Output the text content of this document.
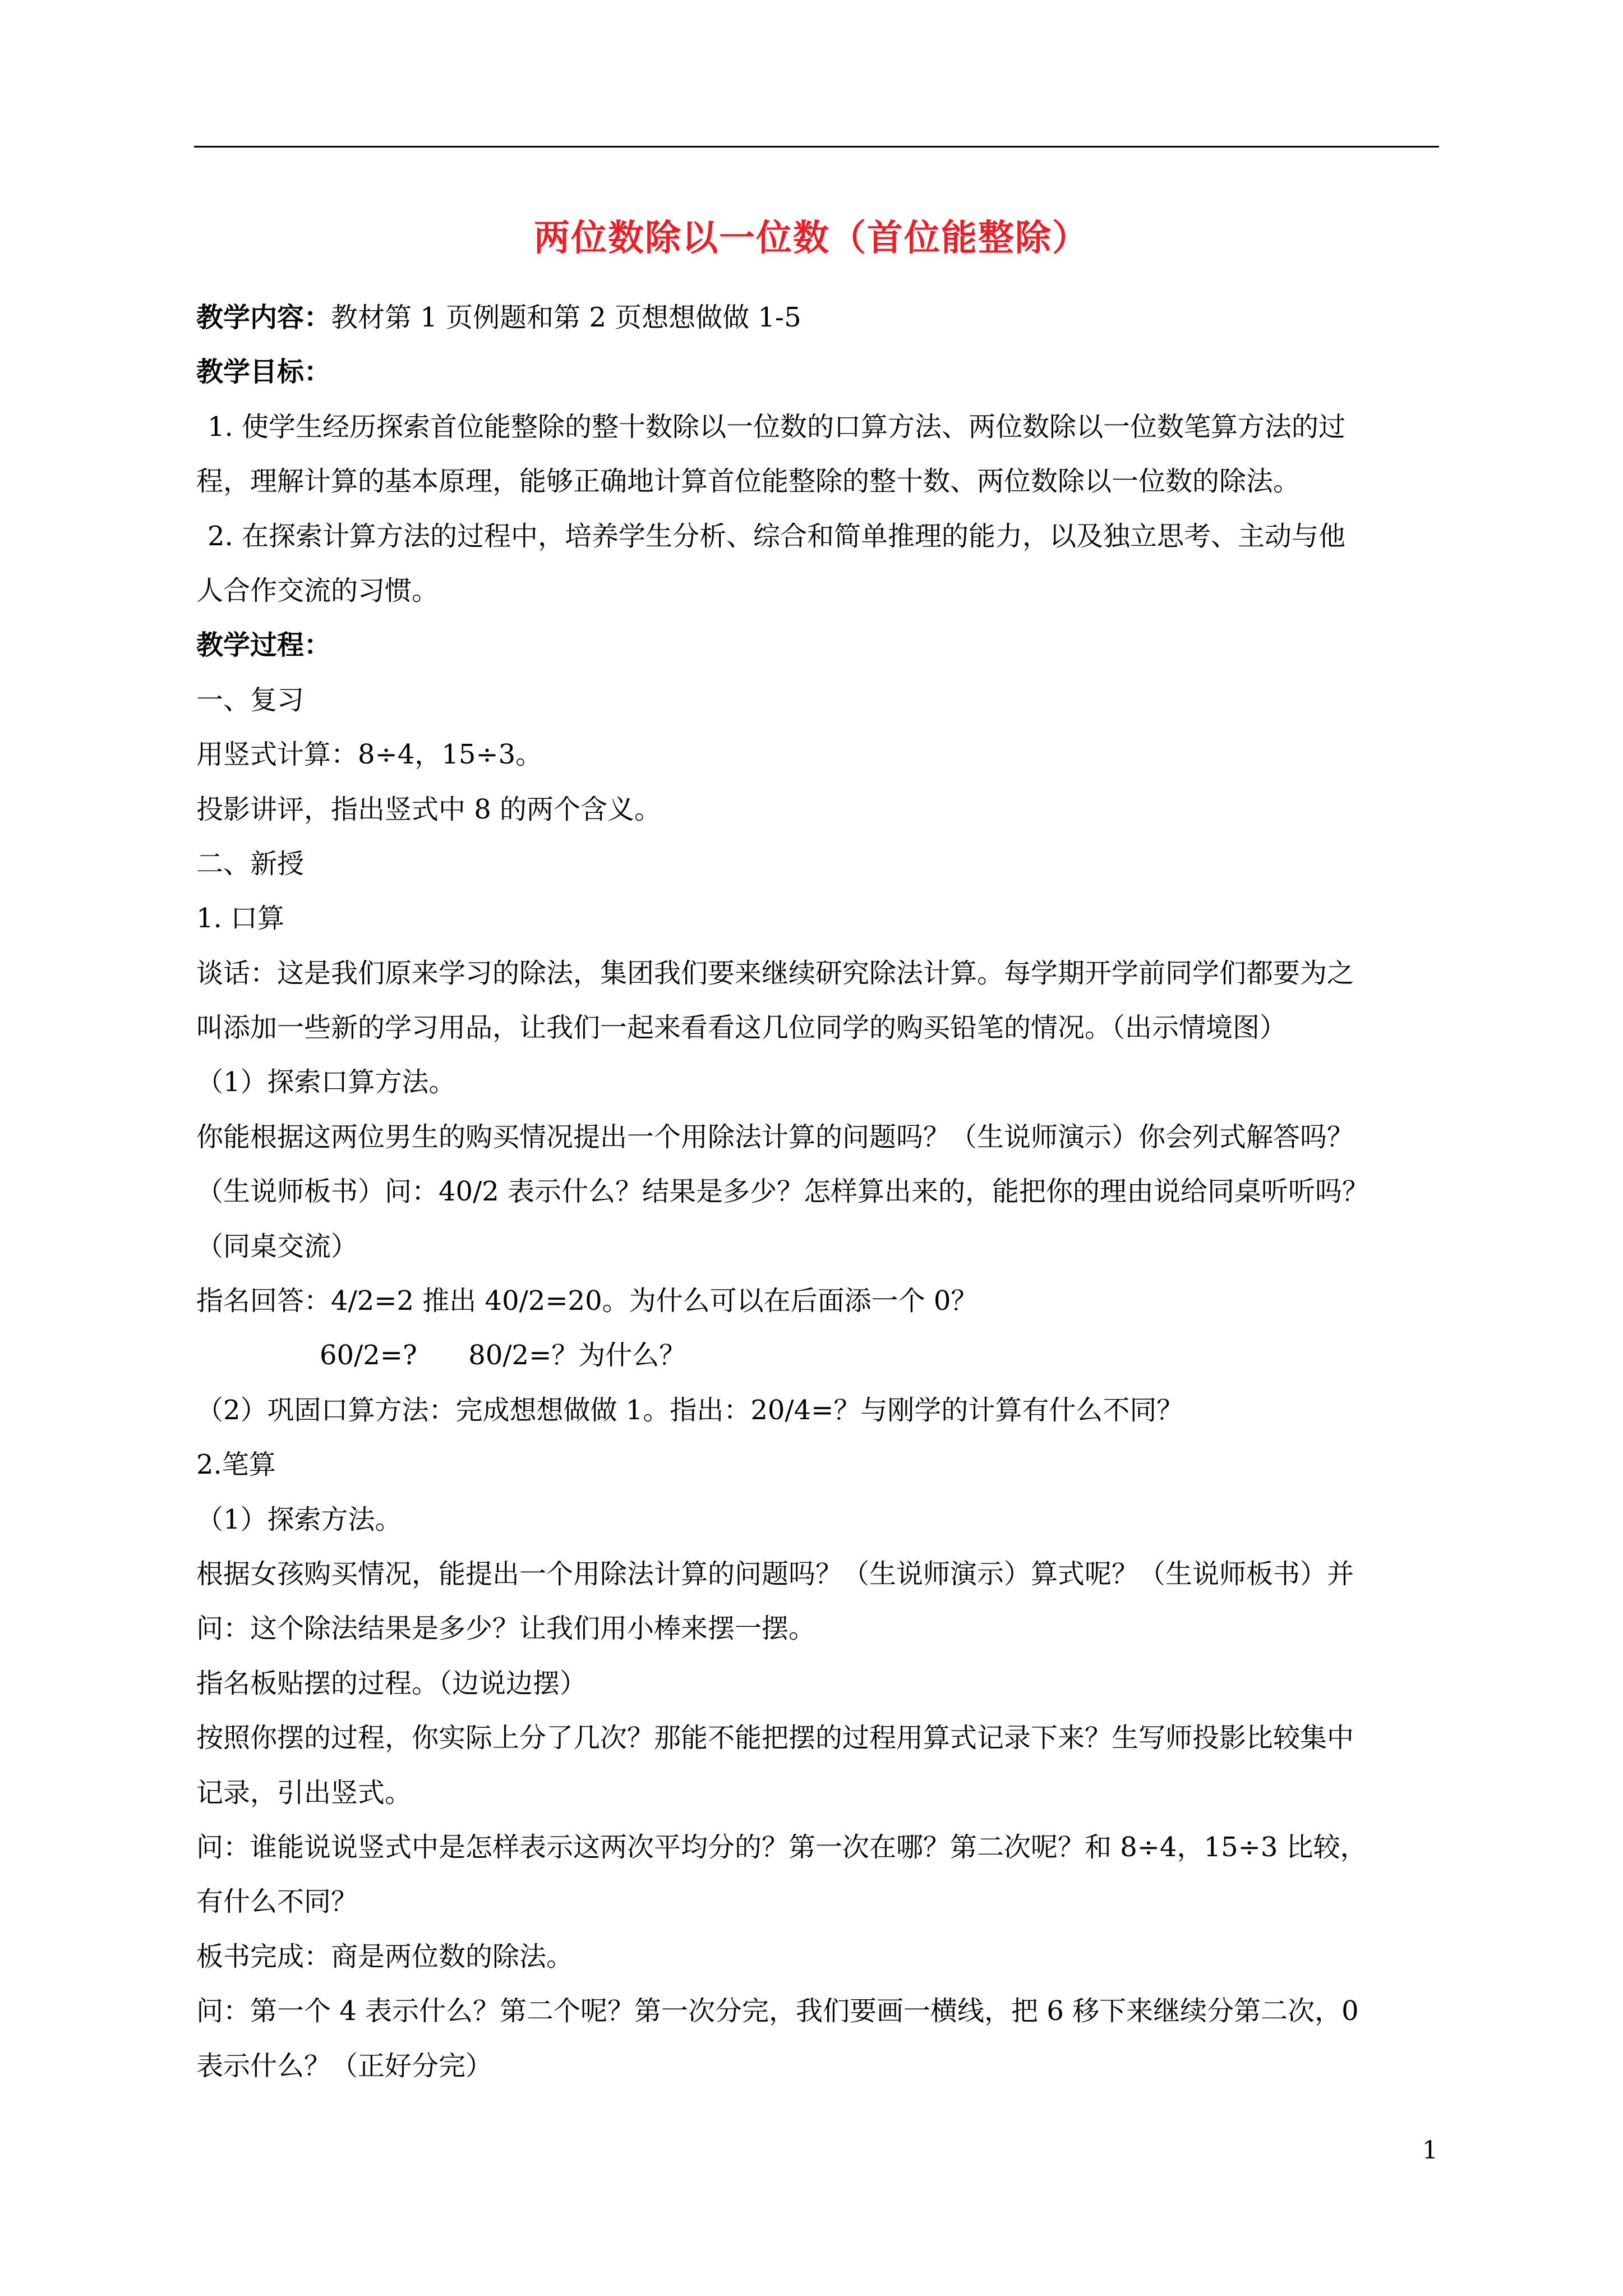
两位数除以一位数（首位能整除）
教学内容：教材第 1 页例题和第 2 页想想做做 1-5
教学目标：
1. 使学生经历探索首位能整除的整十数除以一位数的口算方法、两位数除以一位数笔算方法的过
程，理解计算的基本原理，能够正确地计算首位能整除的整十数、两位数除以一位数的除法。
2. 在探索计算方法的过程中，培养学生分析、综合和简单推理的能力，以及独立思考、主动与他
人合作交流的习惯。
教学过程：
一、复习
用竖式计算：8÷4，15÷3。
投影讲评，指出竖式中 8 的两个含义。
二、新授
1. 口算
谈话：这是我们原来学习的除法，集团我们要来继续研究除法计算。每学期开学前同学们都要为之
叫添加一些新的学习用品，让我们一起来看看这几位同学的购买铅笔的情况。（出示情境图）
（1）探索口算方法。
你能根据这两位男生的购买情况提出一个用除法计算的问题吗？（生说师演示）你会列式解答吗？
（生说师板书）问：40/2 表示什么？结果是多少？怎样算出来的，能把你的理由说给同桌听听吗？
（同桌交流）
指名回答：4/2=2 推出 40/2=20。为什么可以在后面添一个 0？
60/2=?      80/2=？为什么？
（2）巩固口算方法：完成想想做做 1。指出：20/4=？与刚学的计算有什么不同？
2.笔算
（1）探索方法。
根据女孩购买情况，能提出一个用除法计算的问题吗？（生说师演示）算式呢？（生说师板书）并
问：这个除法结果是多少？让我们用小棒来摆一摆。
指名板贴摆的过程。（边说边摆）
按照你摆的过程，你实际上分了几次？那能不能把摆的过程用算式记录下来？生写师投影比较集中
记录，引出竖式。
问：谁能说说竖式中是怎样表示这两次平均分的？第一次在哪？第二次呢？和 8÷4，15÷3 比较，
有什么不同？
板书完成：商是两位数的除法。
问：第一个 4 表示什么？第二个呢？第一次分完，我们要画一横线，把 6 移下来继续分第二次，0
表示什么？（正好分完）
1
